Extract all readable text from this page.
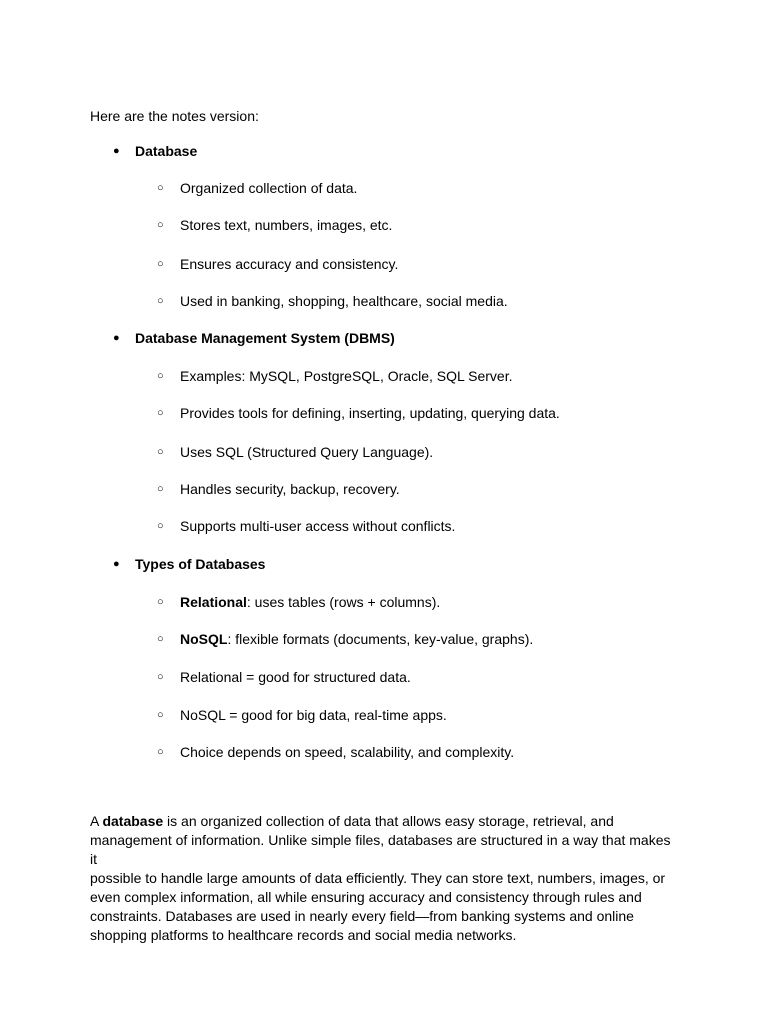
Here are the notes version:

● Database
○ Organized collection of data.
○ Stores text, numbers, images, etc.
○ Ensures accuracy and consistency.
○ Used in banking, shopping, healthcare, social media.
● Database Management System (DBMS)
○ Examples: MySQL, PostgreSQL, Oracle, SQL Server.
○ Provides tools for defining, inserting, updating, querying data.
○ Uses SQL (Structured Query Language).
○ Handles security, backup, recovery.
○ Supports multi-user access without conflicts.
● Types of Databases
○ Relational: uses tables (rows + columns).
○ NoSQL: flexible formats (documents, key-value, graphs).
○ Relational = good for structured data.
○ NoSQL = good for big data, real-time apps.
○ Choice depends on speed, scalability, and complexity.

A database is an organized collection of data that allows easy storage, retrieval, and
management of information. Unlike simple files, databases are structured in a way that makes it
possible to handle large amounts of data efficiently. They can store text, numbers, images, or
even complex information, all while ensuring accuracy and consistency through rules and
constraints. Databases are used in nearly every field—from banking systems and online
shopping platforms to healthcare records and social media networks.
